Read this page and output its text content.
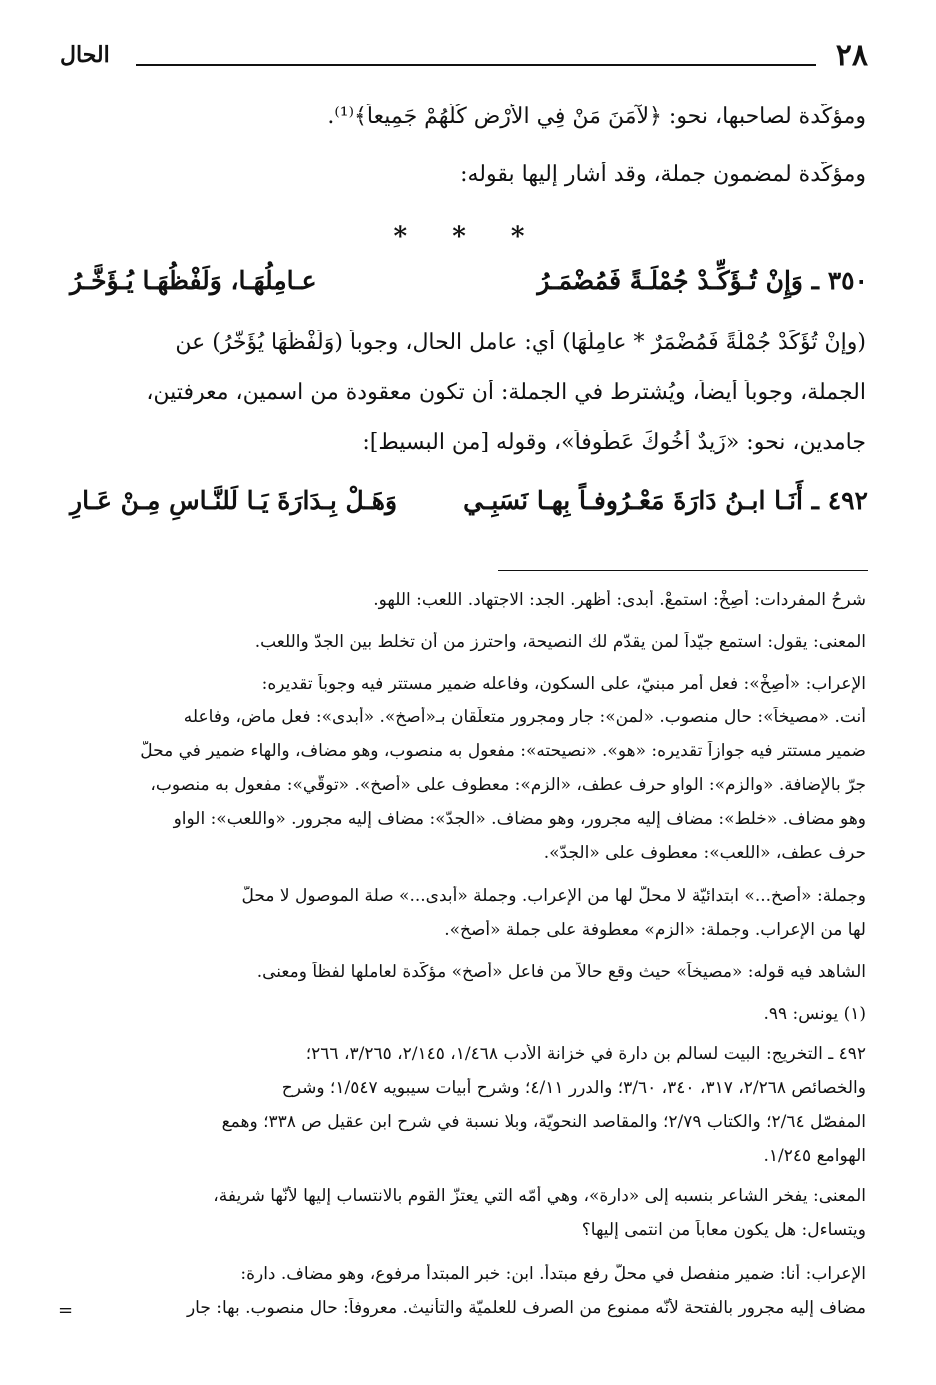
٢٨
الحال
ومؤكّدة لصاحبها، نحو: ﴿لآمَنَ مَنْ فِي الأَرْضِ كُلُّهُمْ جَمِيعاً﴾⁽¹⁾.
ومؤكّدة لمضمون جملة، وقد أشار إليها بقوله:
* * *
٣٥٠ ـ وَإِنْ تُـؤَكِّـدْ جُمْلَـةً فَمُضْمَـرُ
عـامِلُهَـا، وَلَفْظُهَـا يُـؤَخَّـرُ
(وإنْ تُؤَكِّدْ جُمْلَةً فَمُضْمَرٌ * عامِلُهَا) أي: عامل الحال، وجوباً (وَلَفْظُهَا يُؤَخَّرُ) عن
الجملة، وجوباً أيضاً، ويُشترط في الجملة: أن تكون معقودة من اسمين، معرفتين،
جامدين، نحو: «زَيدٌ أَخُوكَ عَطُوفاً»، وقوله [من البسيط]:
٤٩٢ ـ أَنَـا ابـنُ دَارَةَ مَعْـرُوفـاً بِهـا نَسَبِـي
وَهَـلْ بِـدَارَةَ يَـا لَلنَّـاسِ مِـنْ عَـارِ
شرحُ المفردات: أَصِخْ: استمعْ. أبدى: أظهر. الجد: الاجتهاد. اللعب: اللهو.
المعنى: يقول: استمع جيّداً لمن يقدّم لك النصيحة، واحترز من أن تخلط بين الجدّ واللعب.
الإعراب: «أَصِخْ»: فعل أمر مبنيّ، على السكون، وفاعله ضمير مستتر فيه وجوباً تقديره:
أنت. «مصيخاً»: حال منصوب. «لمن»: جار ومجرور متعلّقان بـ«أصخ». «أبدى»: فعل ماضٍ، وفاعله
ضمير مستتر فيه جوازاً تقديره: «هو». «نصيحته»: مفعول به منصوب، وهو مضاف، والهاء ضمير في محلّ
جرّ بالإضافة. «والزم»: الواو حرف عطف، «الزم»: معطوف على «أصخ». «توقّي»: مفعول به منصوب،
وهو مضاف. «خلط»: مضاف إليه مجرور، وهو مضاف. «الجدّ»: مضاف إليه مجرور. «واللعب»: الواو
حرف عطف، «اللعب»: معطوف على «الجدّ».
وجملة: «أصخ...» ابتدائيّة لا محلّ لها من الإعراب. وجملة «أبدى...» صلة الموصول لا محلّ
لها من الإعراب. وجملة: «الزم» معطوفة على جملة «أصخ».
الشاهد فيه قوله: «مصيخاً» حيث وقع حالاً من فاعل «أصخ» مؤكّدة لعاملها لفظاً ومعنى.
(١) يونس: ٩٩.
٤٩٢ ـ التخريج: البيت لسالم بن دارة في خزانة الأدب ١/٤٦٨، ٢/١٤٥، ٣/٢٦٥، ٢٦٦؛
والخصائص ٢/٢٦٨، ٣١٧، ٣٤٠، ٣/٦٠؛ والدرر ٤/١١؛ وشرح أبيات سيبويه ١/٥٤٧؛ وشرح
المفصّل ٢/٦٤؛ والكتاب ٢/٧٩؛ والمقاصد النحويّة، وبلا نسبة في شرح ابن عقيل ص ٣٣٨؛ وهمع
الهوامع ١/٢٤٥.
المعنى: يفخر الشاعر بنسبه إلى «دارة»، وهي أمّه التي يعتزّ القوم بالانتساب إليها لأنّها شريفة،
ويتساءل: هل يكون معاباً من انتمى إليها؟
الإعراب: أنا: ضمير منفصل في محلّ رفع مبتدأ. ابن: خبر المبتدأ مرفوع، وهو مضاف. دارة:
مضاف إليه مجرور بالفتحة لأنّه ممنوع من الصرف للعلميّة والتأنيث. معروفاً: حال منصوب. بها: جار
=
